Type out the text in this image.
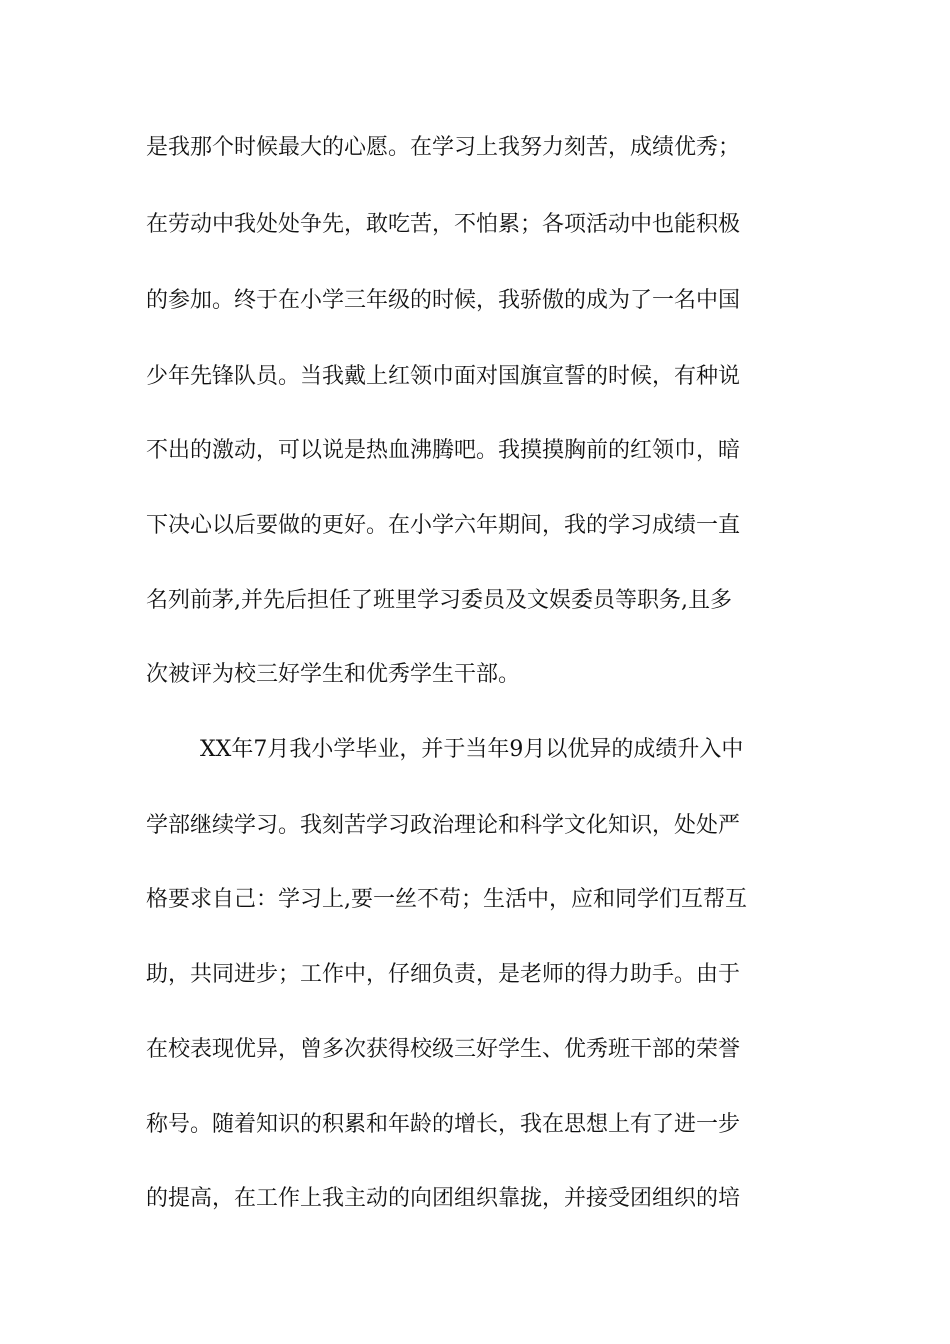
是我那个时候最大的心愿。在学习上我努力刻苦，成绩优秀；
在劳动中我处处争先，敢吃苦，不怕累；各项活动中也能积极
的参加。终于在小学三年级的时候，我骄傲的成为了一名中国
少年先锋队员。当我戴上红领巾面对国旗宣誓的时候，有种说
不出的激动，可以说是热血沸腾吧。我摸摸胸前的红领巾，暗
下决心以后要做的更好。在小学六年期间，我的学习成绩一直
名列前茅,并先后担任了班里学习委员及文娱委员等职务,且多
次被评为校三好学生和优秀学生干部。
XX年7月我小学毕业，并于当年9月以优异的成绩升入中
学部继续学习。我刻苦学习政治理论和科学文化知识，处处严
格要求自己：学习上,要一丝不苟；生活中，应和同学们互帮互
助，共同进步；工作中，仔细负责，是老师的得力助手。由于
在校表现优异，曾多次获得校级三好学生、优秀班干部的荣誉
称号。随着知识的积累和年龄的增长，我在思想上有了进一步
的提高，在工作上我主动的向团组织靠拢，并接受团组织的培
